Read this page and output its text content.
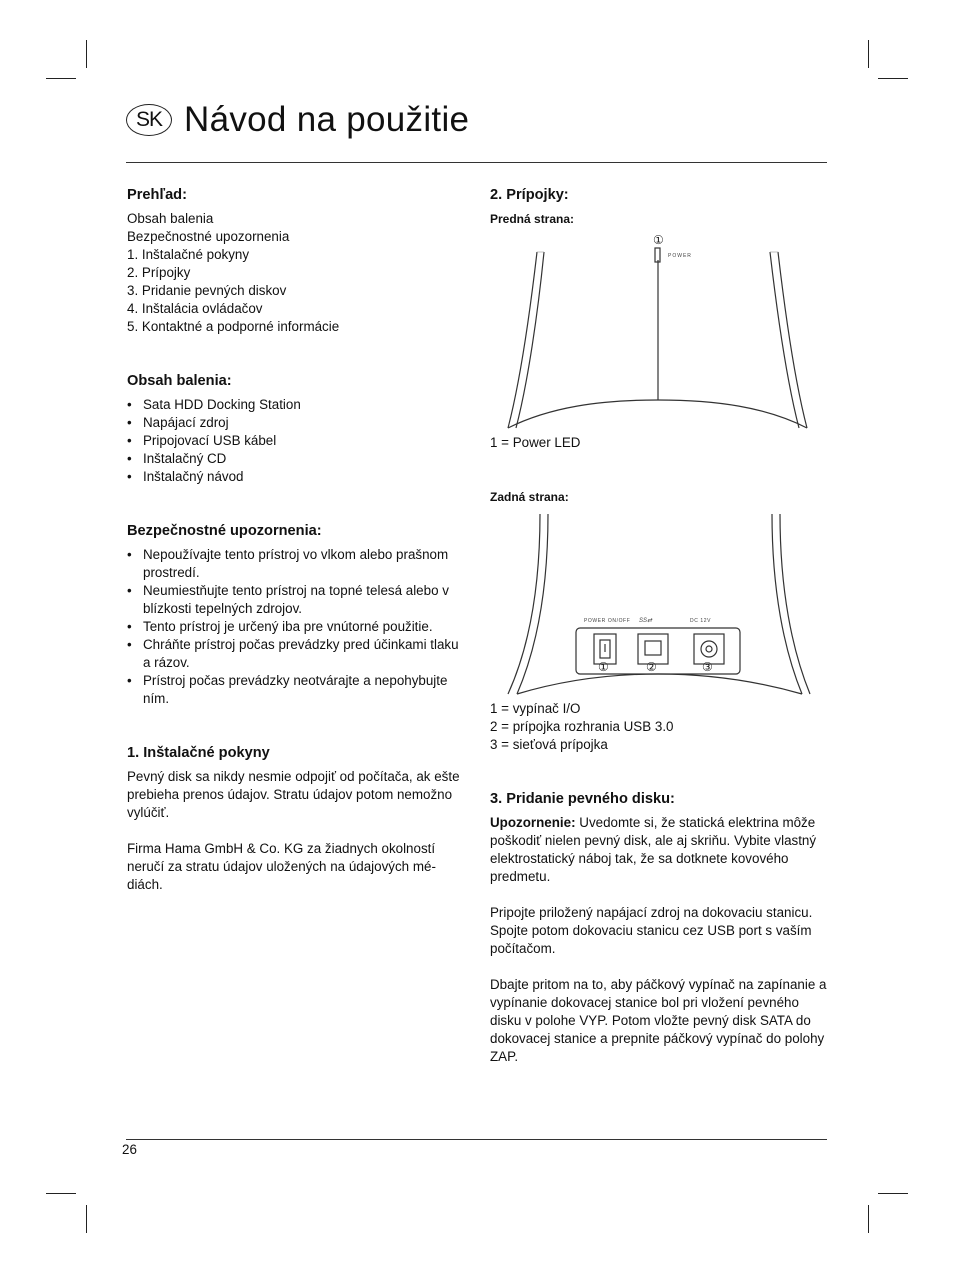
SK Návod na použitie
Prehľad:
Obsah balenia
Bezpečnostné upozornenia
1. Inštalačné pokyny
2. Prípojky
3. Pridanie pevných diskov
4. Inštalácia ovládačov
5. Kontaktné a podporné informácie
Obsah balenia:
• Sata HDD Docking Station
• Napájací zdroj
• Pripojovací USB kábel
• Inštalačný CD
• Inštalačný návod
Bezpečnostné upozornenia:
• Nepoužívajte tento prístroj vo vlkom alebo prašnom prostredí.
• Neumiestňujte tento prístroj na topné telesá alebo v blízkosti tepelných zdrojov.
• Tento prístroj je určený iba pre vnútorné použitie.
• Chráňte prístroj počas prevádzky pred účinkami tlaku a rázov.
• Prístroj počas prevádzky neotvárajte a nepohybujte ním.
1. Inštalačné pokyny

Pevný disk sa nikdy nesmie odpojiť od počítača, ak ešte prebieha prenos údajov. Stratu údajov potom nemožno vylúčiť.

Firma Hama GmbH & Co. KG za žiadnych okolností neručí za stratu údajov uložených na údajových mé-diách.

2. Prípojky:
Predná strana:
①
POWER
1 = Power LED
Zadná strana:
POWER ON/OFF SS⇄	DC 12V
①	②	③
1 = vypínač I/O
2 = prípojka rozhrania USB 3.0
3 = sieťová prípojka
3. Pridanie pevného disku:

Upozornenie: Uvedomte si, že statická elektrina môže poškodiť nielen pevný disk, ale aj skriňu. Vybite vlastný elektrostatický náboj tak, že sa dotknete kovového predmetu.

Pripojte priložený napájací zdroj na dokovaciu stanicu. Spojte potom dokovaciu stanicu cez USB port s vaším počítačom.

Dbajte pritom na to, aby páčkový vypínač na zapínanie a vypínanie dokovacej stanice bol pri vložení pevného disku v polohe VYP. Potom vložte pevný disk SATA do dokovacej stanice a prepnite páčkový vypínač do polohy ZAP.

26
